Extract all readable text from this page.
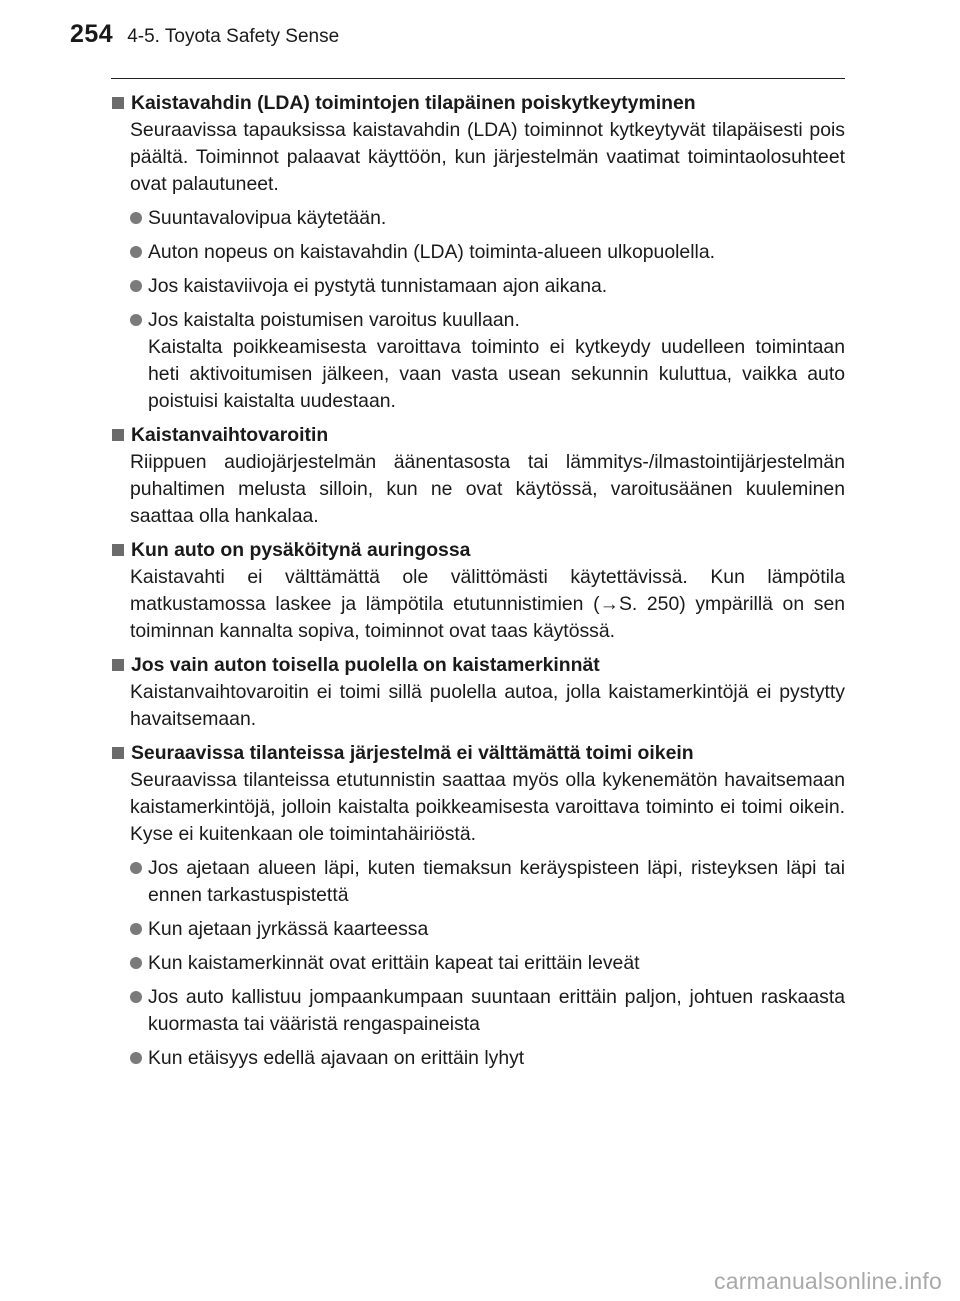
254 4-5. Toyota Safety Sense
Kaistavahdin (LDA) toimintojen tilapäinen poiskytkeytyminen
Seuraavissa tapauksissa kaistavahdin (LDA) toiminnot kytkeytyvät tilapäisesti pois päältä. Toiminnot palaavat käyttöön, kun järjestelmän vaatimat toimintaolosuhteet ovat palautuneet.
Suuntavalovipua käytetään.
Auton nopeus on kaistavahdin (LDA) toiminta-alueen ulkopuolella.
Jos kaistaviivoja ei pystytä tunnistamaan ajon aikana.
Jos kaistalta poistumisen varoitus kuullaan.
Kaistalta poikkeamisesta varoittava toiminto ei kytkeydy uudelleen toimintaan heti aktivoitumisen jälkeen, vaan vasta usean sekunnin kuluttua, vaikka auto poistuisi kaistalta uudestaan.
Kaistanvaihtovaroitin
Riippuen audiojärjestelmän äänentasosta tai lämmitys-/ilmastointijärjestelmän puhaltimen melusta silloin, kun ne ovat käytössä, varoitusäänen kuuleminen saattaa olla hankalaa.
Kun auto on pysäköitynä auringossa
Kaistavahti ei välttämättä ole välittömästi käytettävissä. Kun lämpötila matkustamossa laskee ja lämpötila etutunnistimien (→S. 250) ympärillä on sen toiminnan kannalta sopiva, toiminnot ovat taas käytössä.
Jos vain auton toisella puolella on kaistamerkinnät
Kaistanvaihtovaroitin ei toimi sillä puolella autoa, jolla kaistamerkintöjä ei pystytty havaitsemaan.
Seuraavissa tilanteissa järjestelmä ei välttämättä toimi oikein
Seuraavissa tilanteissa etutunnistin saattaa myös olla kykenemätön havaitsemaan kaistamerkintöjä, jolloin kaistalta poikkeamisesta varoittava toiminto ei toimi oikein. Kyse ei kuitenkaan ole toimintahäiriöstä.
Jos ajetaan alueen läpi, kuten tiemaksun keräyspisteen läpi, risteyksen läpi tai ennen tarkastuspistettä
Kun ajetaan jyrkässä kaarteessa
Kun kaistamerkinnät ovat erittäin kapeat tai erittäin leveät
Jos auto kallistuu jompaankumpaan suuntaan erittäin paljon, johtuen raskaasta kuormasta tai vääristä rengaspaineista
Kun etäisyys edellä ajavaan on erittäin lyhyt
carmanualsonline.info
